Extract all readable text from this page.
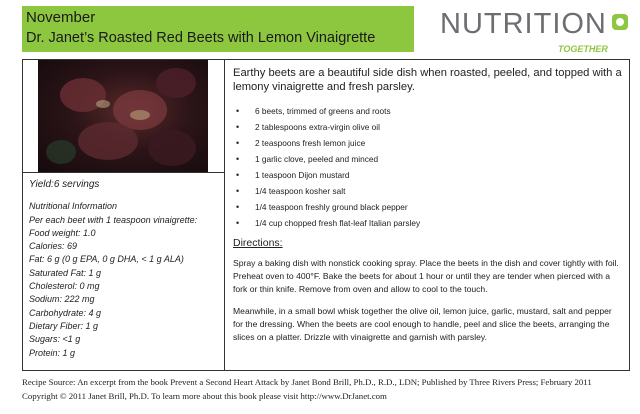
November
Dr. Janet’s Roasted Red Beets with Lemon Vinaigrette NUTRITION
TOGETHER
Yield:6 servings
Nutritional Information
Per each beet with 1 teaspoon vinaigrette:
Food weight: 1.0
Calories: 69
Fat: 6 g (0 g EPA, 0 g DHA, < 1 g ALA)
Saturated Fat: 1 g
Cholesterol: 0 mg
Sodium: 222 mg
Carbohydrate: 4 g
Dietary Fiber: 1 g
Sugars: <1 g
Protein: 1 g
Earthy beets are a beautiful side dish when roasted, peeled, and topped with a lemony vinaigrette and fresh parsley.
• 6 beets, trimmed of greens and roots
• 2 tablespoons extra-virgin olive oil
• 2 teaspoons fresh lemon juice
• 1 garlic clove, peeled and minced
• 1 teaspoon Dijon mustard
• 1/4 teaspoon kosher salt
• 1/4 teaspoon freshly ground black pepper
• 1/4 cup chopped fresh flat-leaf Italian parsley
Directions:
Spray a baking dish with nonstick cooking spray. Place the beets in the dish and cover tightly with foil. Preheat oven to 400°F. Bake the beets for about 1 hour or until they are tender when pierced with a fork or thin knife. Remove from oven and allow to cool to the touch.
Meanwhile, in a small bowl whisk together the olive oil, lemon juice, garlic, mustard, salt and pepper for the dressing. When the beets are cool enough to handle, peel and slice the beets, arranging the slices on a platter. Drizzle with vinaigrette and garnish with parsley.
Recipe Source: An excerpt from the book Prevent a Second Heart Attack by Janet Bond Brill, Ph.D., R.D., LDN; Published by Three Rivers Press; February 2011 Copyright © 2011 Janet Brill, Ph.D. To learn more about this book please visit http://www.DrJanet.com
